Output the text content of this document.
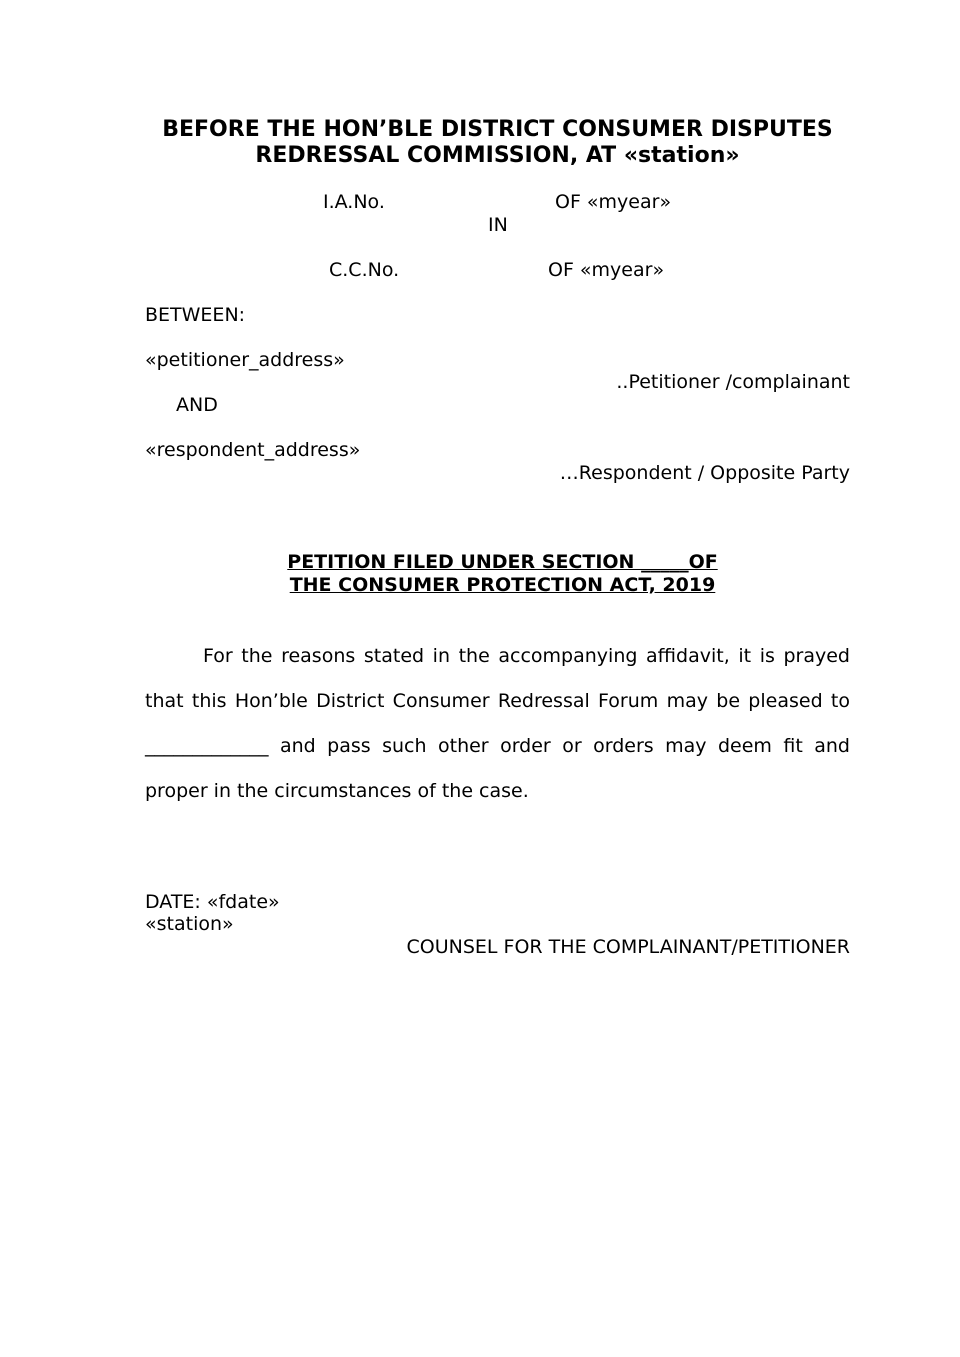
BEFORE THE HON’BLE DISTRICT CONSUMER DISPUTES
REDRESSAL COMMISSION, AT «station»
I.A.No.	OF «myear»
IN
C.C.No.	OF «myear»
BETWEEN:
«petitioner_address»
..Petitioner /complainant
AND
«respondent_address»
…Respondent / Opposite Party
PETITION FILED UNDER SECTION _____OF
THE CONSUMER PROTECTION ACT, 2019
For the reasons stated in the accompanying affidavit, it is prayed
that this Hon’ble District Consumer Redressal Forum may be pleased to
_____________ and pass such other order or orders may deem fit and
proper in the circumstances of the case.
DATE: «fdate»
«station»
COUNSEL FOR THE COMPLAINANT/PETITIONER
